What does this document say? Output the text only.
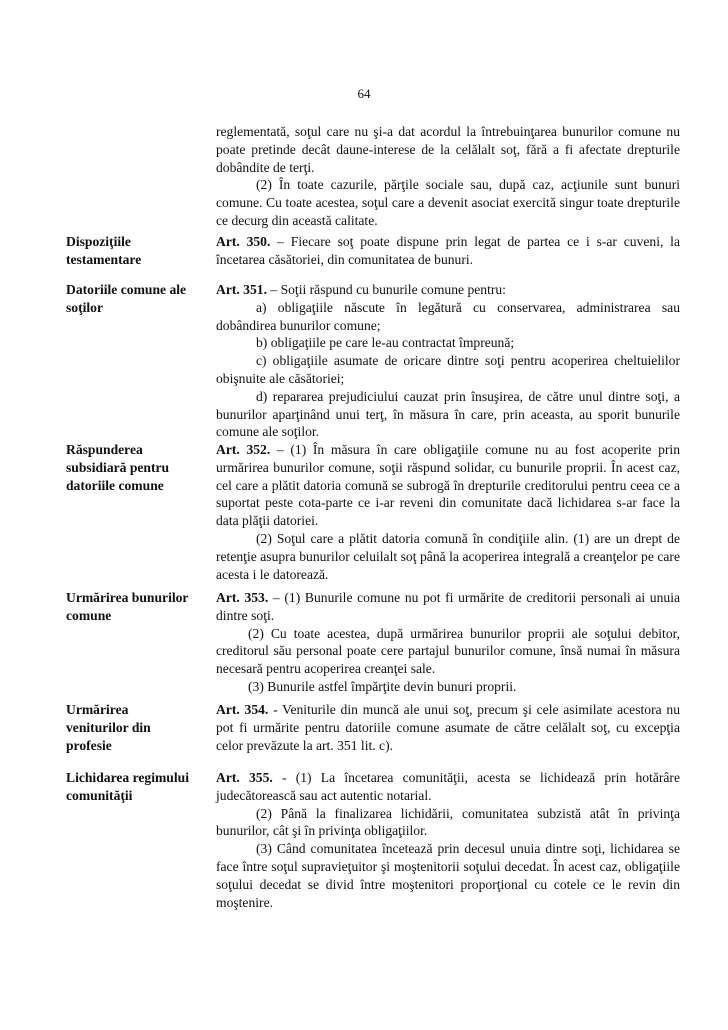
64

reglementată, soţul care nu şi-a dat acordul la întrebuinţarea bunurilor comune nu poate pretinde decât daune-interese de la celălalt soţ, fără a fi afectate drepturile dobândite de terţi.

(2) În toate cazurile, părţile sociale sau, după caz, acţiunile sunt bunuri comune. Cu toate acestea, soţul care a devenit asociat exercită singur toate drepturile ce decurg din această calitate.

Dispoziţiile
testamentare

Art. 350. – Fiecare soţ poate dispune prin legat de partea ce i s-ar cuveni, la încetarea căsătoriei, din comunitatea de bunuri.

Datoriile comune ale
soţilor

Art. 351. – Soţii răspund cu bunurile comune pentru:

a) obligaţiile născute în legătură cu conservarea, administrarea sau dobândirea bunurilor comune;

b) obligaţiile pe care le-au contractat împreună;

c) obligaţiile asumate de oricare dintre soţi pentru acoperirea cheltuielilor obişnuite ale căsătoriei;

d) repararea prejudiciului cauzat prin însuşirea, de către unul dintre soţi, a bunurilor aparţinând unui terţ, în măsura în care, prin aceasta, au sporit bunurile comune ale soţilor.

Răspunderea
subsidiară pentru
datoriile comune

Art. 352. – (1) În măsura în care obligaţiile comune nu au fost acoperite prin urmărirea bunurilor comune, soţii răspund solidar, cu bunurile proprii. În acest caz, cel care a plătit datoria comună se subrogă în drepturile creditorului pentru ceea ce a suportat peste cota-parte ce i-ar reveni din comunitate dacă lichidarea s-ar face la data plăţii datoriei.

(2) Soţul care a plătit datoria comună în condiţiile alin. (1) are un drept de retenţie asupra bunurilor celuilalt soţ până la acoperirea integrală a creanţelor pe care acesta i le datorează.

Urmărirea bunurilor
comune

Art. 353. – (1) Bunurile comune nu pot fi urmărite de creditorii personali ai unuia dintre soţi.

(2) Cu toate acestea, după urmărirea bunurilor proprii ale soţului debitor, creditorul său personal poate cere partajul bunurilor comune, însă numai în măsura necesară pentru acoperirea creanţei sale.

(3) Bunurile astfel împărţite devin bunuri proprii.

Urmărirea
veniturilor din
profesie

Art. 354. - Veniturile din muncă ale unui soţ, precum şi cele asimilate acestora nu pot fi urmărite pentru datoriile comune asumate de către celălalt soţ, cu excepţia celor prevăzute la art. 351 lit. c).

Lichidarea regimului
comunităţii

Art. 355. - (1) La încetarea comunităţii, acesta se lichidează prin hotărâre judecătorească sau act autentic notarial.

(2) Până la finalizarea lichidării, comunitatea subzistă atât în privinţa bunurilor, cât şi în privinţa obligaţiilor.

(3) Când comunitatea încetează prin decesul unuia dintre soţi, lichidarea se face între soţul supravieţuitor şi moştenitorii soţului decedat. În acest caz, obligaţiile soţului decedat se divid între moştenitori proporţional cu cotele ce le revin din moştenire.
